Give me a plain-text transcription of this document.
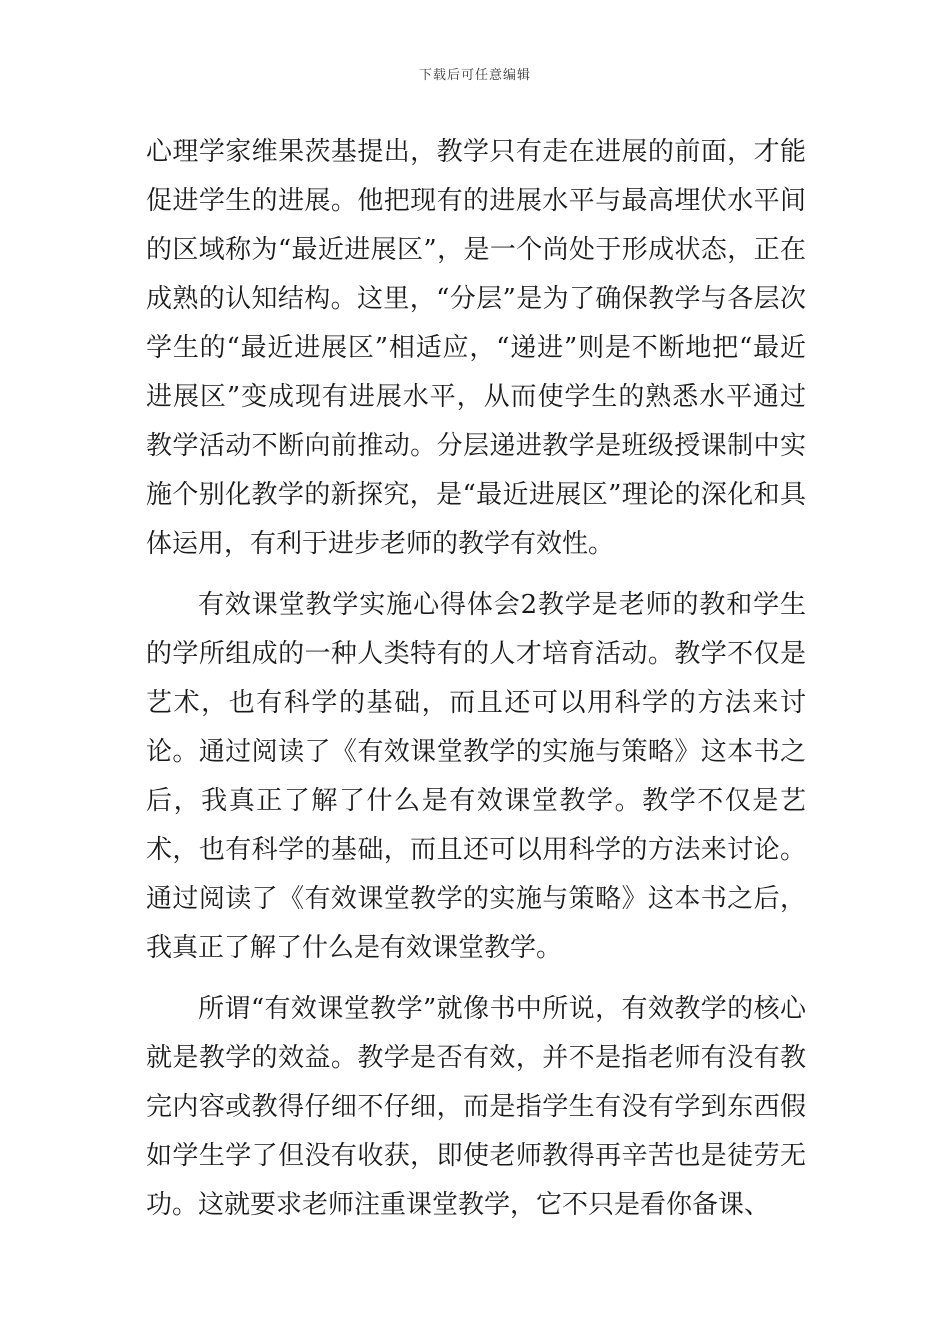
下载后可任意编辑

心理学家维果茨基提出，教学只有走在进展的前面，才能促进学生的进展。他把现有的进展水平与最高埋伏水平间的区域称为“最近进展区”，是一个尚处于形成状态，正在成熟的认知结构。这里，“分层”是为了确保教学与各层次学生的“最近进展区”相适应，“递进”则是不断地把“最近进展区”变成现有进展水平，从而使学生的熟悉水平通过教学活动不断向前推动。分层递进教学是班级授课制中实施个别化教学的新探究，是“最近进展区”理论的深化和具体运用，有利于进步老师的教学有效性。

有效课堂教学实施心得体会2教学是老师的教和学生的学所组成的一种人类特有的人才培育活动。教学不仅是艺术，也有科学的基础，而且还可以用科学的方法来讨论。通过阅读了《有效课堂教学的实施与策略》这本书之后，我真正了解了什么是有效课堂教学。教学不仅是艺术，也有科学的基础，而且还可以用科学的方法来讨论。通过阅读了《有效课堂教学的实施与策略》这本书之后，我真正了解了什么是有效课堂教学。

所谓“有效课堂教学”就像书中所说，有效教学的核心就是教学的效益。教学是否有效，并不是指老师有没有教完内容或教得仔细不仔细，而是指学生有没有学到东西假如学生学了但没有收获，即使老师教得再辛苦也是徒劳无功。这就要求老师注重课堂教学，它不只是看你备课、
